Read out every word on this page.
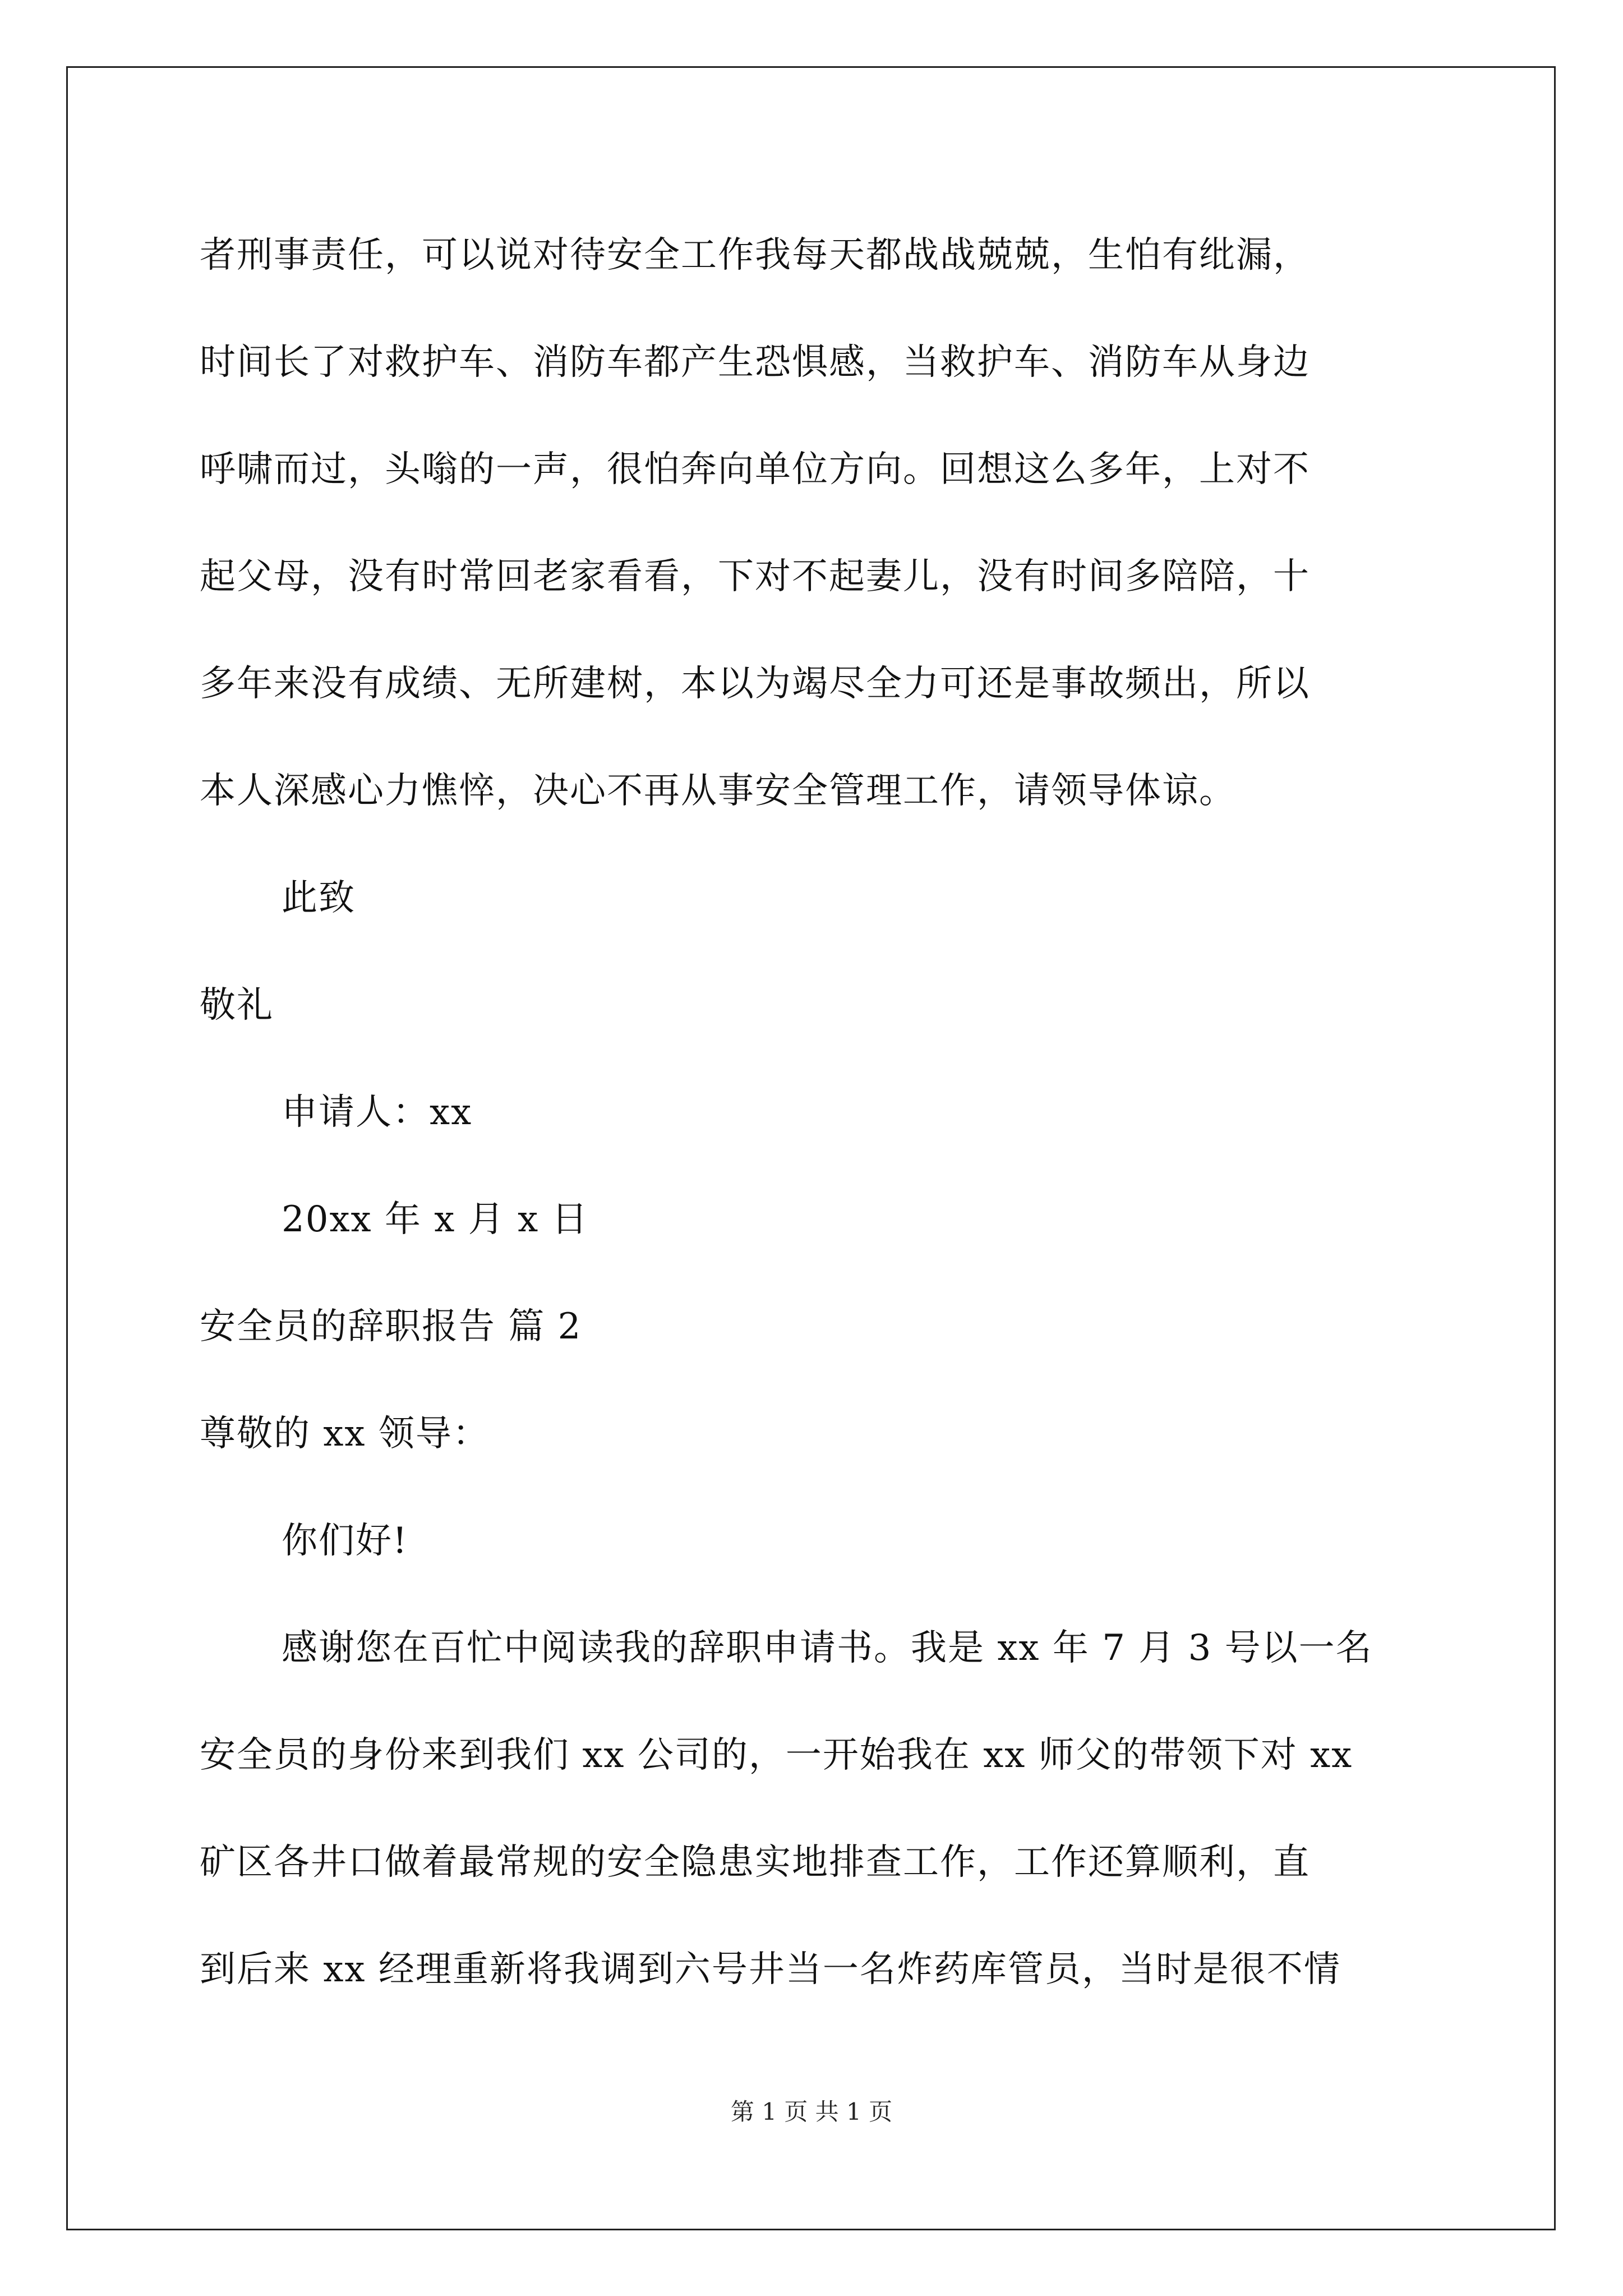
者刑事责任，可以说对待安全工作我每天都战战兢兢，生怕有纰漏，
时间长了对救护车、消防车都产生恐惧感，当救护车、消防车从身边
呼啸而过，头嗡的一声，很怕奔向单位方向。回想这么多年，上对不
起父母，没有时常回老家看看，下对不起妻儿，没有时间多陪陪，十
多年来没有成绩、无所建树，本以为竭尽全力可还是事故频出，所以
本人深感心力憔悴，决心不再从事安全管理工作，请领导体谅。
此致
敬礼
申请人：xx
20xx 年 x 月 x 日
安全员的辞职报告 篇 2
尊敬的 xx 领导：
你们好!
感谢您在百忙中阅读我的辞职申请书。我是 xx 年 7 月 3 号以一名
安全员的身份来到我们 xx 公司的，一开始我在 xx 师父的带领下对 xx
矿区各井口做着最常规的安全隐患实地排查工作，工作还算顺利，直
到后来 xx 经理重新将我调到六号井当一名炸药库管员，当时是很不情
第 1 页 共 1 页
